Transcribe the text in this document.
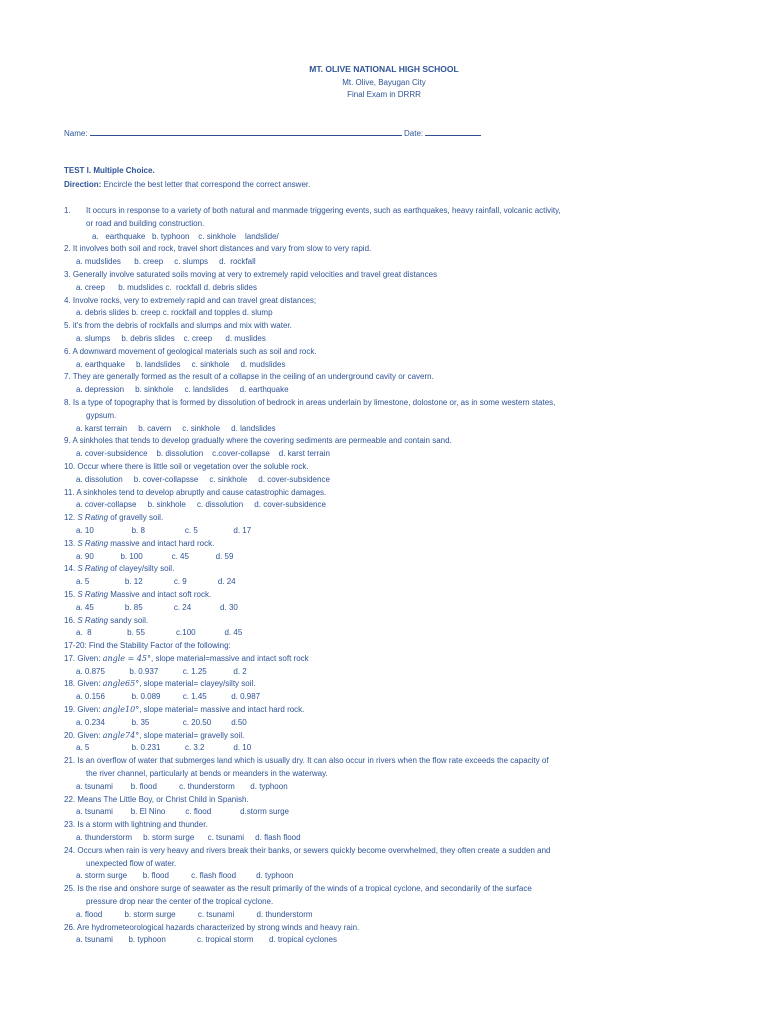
MT. OLIVE NATIONAL HIGH SCHOOL
Mt. Olive, Bayugan City
Final Exam in DRRR
Name:	Date:
TEST I. Multiple Choice.
Direction: Encircle the best letter that correspond the correct answer.
1. It occurs in response to a variety of both natural and manmade triggering events, such as earthquakes, heavy rainfall, volcanic activity,
or road and building construction.
a.   earthquake   b. typhoon    c. sinkhole    landslide/
2. It involves both soil and rock, travel short distances and vary from slow to very rapid.
a. mudslides      b. creep     c. slumps     d.  rockfall
3. Generally involve saturated soils moving at very to extremely rapid velocities and travel great distances
a. creep      b. mudslides c.  rockfall d. debris slides
4. Involve rocks, very to extremely rapid and can travel great distances;
a. debris slides b. creep c. rockfall and topples d. slump
5. it's from the debris of rockfalls and slumps and mix with water.
a. slumps     b. debris slides    c. creep      d. muslides
6. A downward movement of geological materials such as soil and rock.
a. earthquake     b. landslides     c. sinkhole     d. mudslides
7. They are generally formed as the result of a collapse in the ceiling of an underground cavity or cavern.
a. depression     b. sinkhole     c. landslides     d. earthquake
8. Is a type of topography that is formed by dissolution of bedrock in areas underlain by limestone, dolostone or, as in some western states,
gypsum.
a. karst terrain     b. cavern     c. sinkhole     d. landslides
9. A sinkholes that tends to develop gradually where the covering sediments are permeable and contain sand.
a. cover-subsidence    b. dissolution    c.cover-collapse    d. karst terrain
10. Occur where there is little soil or vegetation over the soluble rock.
a. dissolution     b. cover-collapsse     c. sinkhole     d. cover-subsidence
11. A sinkholes tend to develop abruptly and cause catastrophic damages.
a. cover-collapse     b. sinkhole     c. dissolution     d. cover-subsidence
12. S Rating of gravelly soil.
a. 10                 b. 8                  c. 5                d. 17
13. S Rating massive and intact hard rock.
a. 90            b. 100             c. 45            d. 59
14. S Rating of clayey/silty soil.
a. 5                b. 12              c. 9              d. 24
15. S Rating Massive and intact soft rock.
a. 45              b. 85              c. 24             d. 30
16. S Rating sandy soil.
a.  8                b. 55              c.100             d. 45
17-20: Find the Stability Factor of the following:
17. Given: angle = 45°, slope material=massive and intact soft rock
a. 0.875           b. 0.937           c. 1.25            d. 2
18. Given: angle65°, slope material= clayey/silty soil.
a. 0.156            b. 0.089          c. 1.45           d. 0.987
19. Given: angle10°, slope material= massive and intact hard rock.
a. 0.234            b. 35               c. 20.50         d.50
20. Given: angle74°, slope material= gravelly soil.
a. 5                   b. 0.231           c. 3.2             d. 10
21. Is an overflow of water that submerges land which is usually dry. It can also occur in rivers when the flow rate exceeds the capacity of
the river channel, particularly at bends or meanders in the waterway.
a. tsunami        b. flood          c. thunderstorm       d. typhoon
22. Means The Little Boy, or Christ Child in Spanish.
a. tsunami        b. El Nino         c. flood             d.storm surge
23. Is a storm with lightning and thunder.
a. thunderstorm     b. storm surge      c. tsunami     d. flash flood
24. Occurs when rain is very heavy and rivers break their banks, or sewers quickly become overwhelmed, they often create a sudden and
unexpected flow of water.
a. storm surge       b. flood          c. flash flood         d. typhoon
25. Is the rise and onshore surge of seawater as the result primarily of the winds of a tropical cyclone, and secondarily of the surface
pressure drop near the center of the tropical cyclone.
a. flood          b. storm surge          c. tsunami          d. thunderstorm
26. Are hydrometeorological hazards characterized by strong winds and heavy rain.
a. tsunami       b. typhoon              c. tropical storm       d. tropical cyclones
